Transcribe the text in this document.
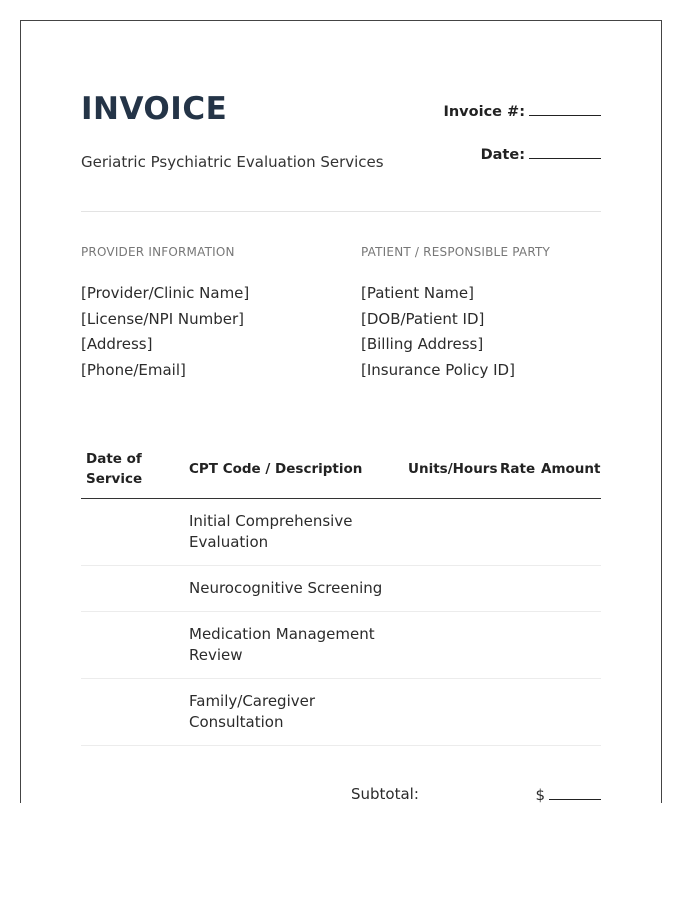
INVOICE
Geriatric Psychiatric Evaluation Services
Invoice #:
Date:
PROVIDER INFORMATION
[Provider/Clinic Name]
[License/NPI Number]
[Address]
[Phone/Email]
PATIENT / RESPONSIBLE PARTY
[Patient Name]
[DOB/Patient ID]
[Billing Address]
[Insurance Policy ID]
Date of Service
CPT Code / Description	Units/Hours Rate Amount
Initial Comprehensive Evaluation
Neurocognitive Screening
Medication Management Review
Family/Caregiver Consultation
Subtotal:	$
